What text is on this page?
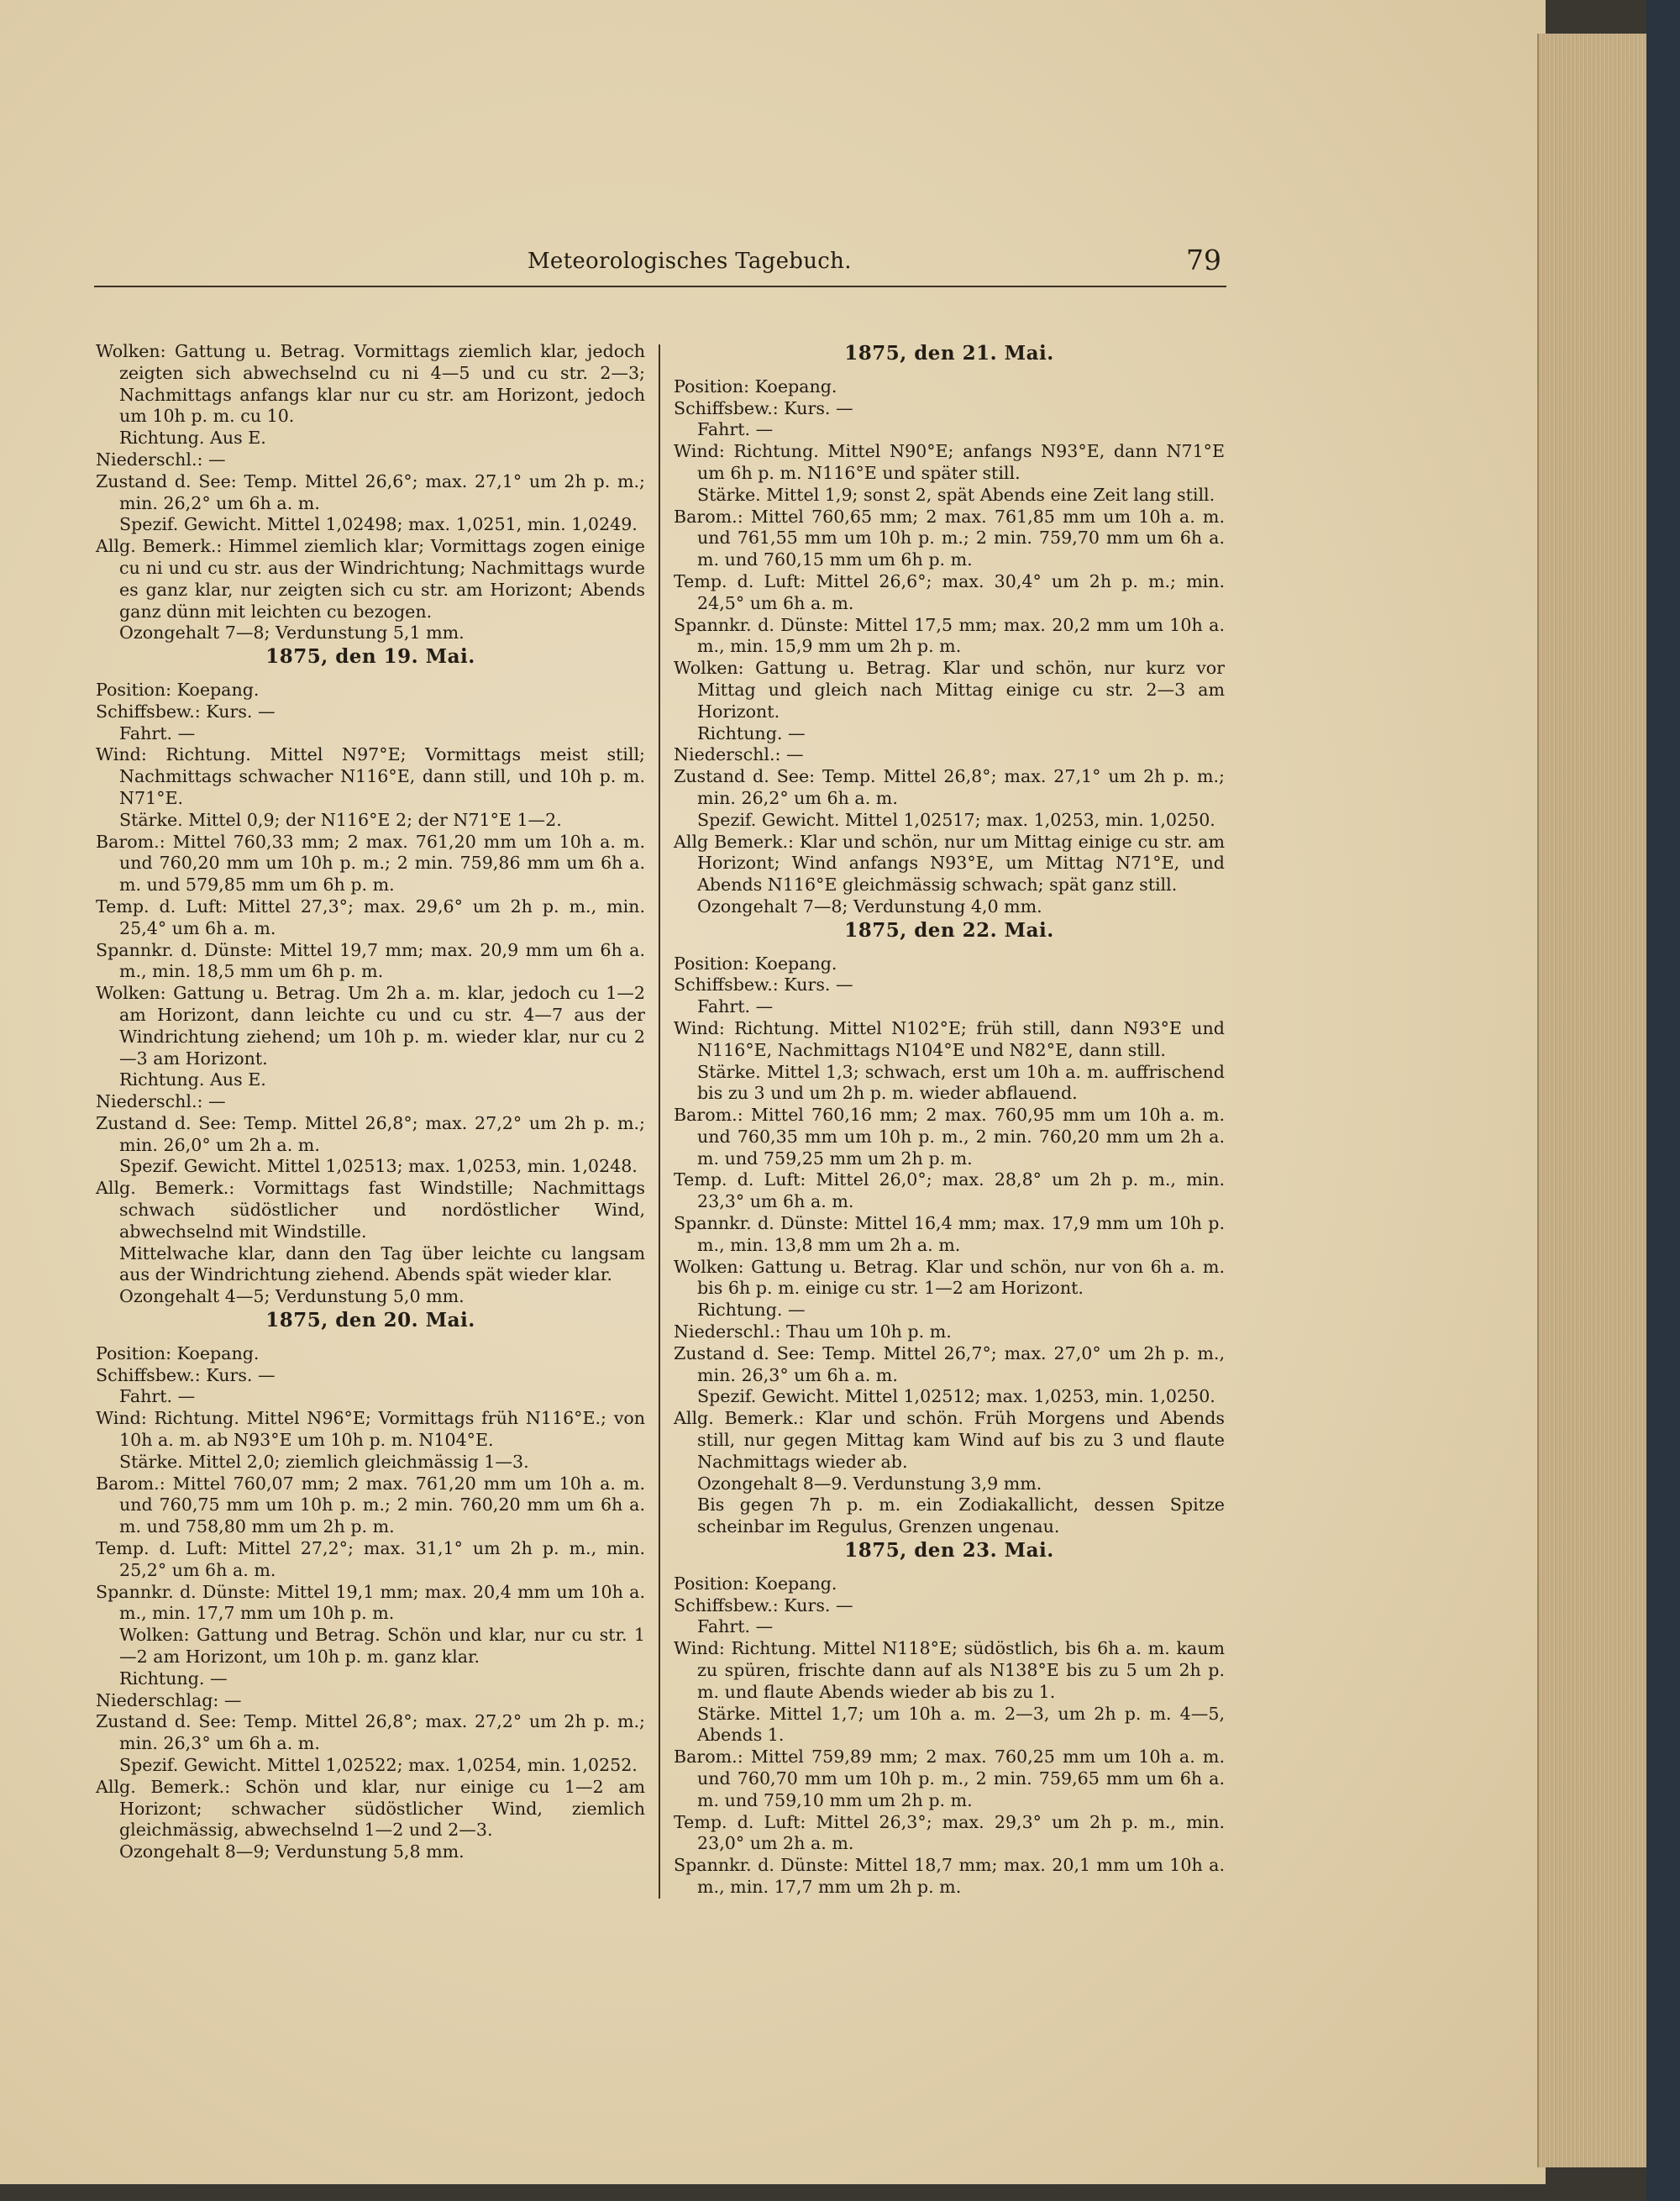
Meteorologisches Tagebuch.	79
Wolken: Gattung u. Betrag. Vormittags ziemlich klar, jedoch zeigten sich abwechselnd cu ni 4—5 und cu str. 2—3; Nachmittags anfangs klar nur cu str. am Horizont, jedoch um 10h p. m. cu 10.
Richtung. Aus E.
Niederschl.: —
Zustand d. See: Temp. Mittel 26,6°; max. 27,1° um 2h p. m.; min. 26,2° um 6h a. m.
Spezif. Gewicht. Mittel 1,02498; max. 1,0251, min. 1,0249.
Allg. Bemerk.: Himmel ziemlich klar; Vormittags zogen einige cu ni und cu str. aus der Windrichtung; Nachmittags wurde es ganz klar, nur zeigten sich cu str. am Horizont; Abends ganz dünn mit leichten cu bezogen.
Ozongehalt 7—8; Verdunstung 5,1 mm.
1875, den 19. Mai.
Position: Koepang.
Schiffsbew.: Kurs. —
Fahrt. —
Wind: Richtung. Mittel N97°E; Vormittags meist still; Nachmittags schwacher N116°E, dann still, und 10h p. m. N71°E.
Stärke. Mittel 0,9; der N116°E 2; der N71°E 1—2.
Barom.: Mittel 760,33 mm; 2 max. 761,20 mm um 10h a. m. und 760,20 mm um 10h p. m.; 2 min. 759,86 mm um 6h a. m. und 579,85 mm um 6h p. m.
Temp. d. Luft: Mittel 27,3°; max. 29,6° um 2h p. m., min. 25,4° um 6h a. m.
Spannkr. d. Dünste: Mittel 19,7 mm; max. 20,9 mm um 6h a. m., min. 18,5 mm um 6h p. m.
Wolken: Gattung u. Betrag. Um 2h a. m. klar, jedoch cu 1—2 am Horizont, dann leichte cu und cu str. 4—7 aus der Windrichtung ziehend; um 10h p. m. wieder klar, nur cu 2—3 am Horizont.
Richtung. Aus E.
Niederschl.: —
Zustand d. See: Temp. Mittel 26,8°; max. 27,2° um 2h p. m.; min. 26,0° um 2h a. m.
Spezif. Gewicht. Mittel 1,02513; max. 1,0253, min. 1,0248.
Allg. Bemerk.: Vormittags fast Windstille; Nachmittags schwach südöstlicher und nordöstlicher Wind, abwechselnd mit Windstille.
Mittelwache klar, dann den Tag über leichte cu langsam aus der Windrichtung ziehend. Abends spät wieder klar.
Ozongehalt 4—5; Verdunstung 5,0 mm.
1875, den 20. Mai.
Position: Koepang.
Schiffsbew.: Kurs. —
Fahrt. —
Wind: Richtung. Mittel N96°E; Vormittags früh N116°E.; von 10h a. m. ab N93°E um 10h p. m. N104°E.
Stärke. Mittel 2,0; ziemlich gleichmässig 1—3.
Barom.: Mittel 760,07 mm; 2 max. 761,20 mm um 10h a. m. und 760,75 mm um 10h p. m.; 2 min. 760,20 mm um 6h a. m. und 758,80 mm um 2h p. m.
Temp. d. Luft: Mittel 27,2°; max. 31,1° um 2h p. m., min. 25,2° um 6h a. m.
Spannkr. d. Dünste: Mittel 19,1 mm; max. 20,4 mm um 10h a. m., min. 17,7 mm um 10h p. m.
Wolken: Gattung und Betrag. Schön und klar, nur cu str. 1—2 am Horizont, um 10h p. m. ganz klar.
Richtung. —
Niederschlag: —
Zustand d. See: Temp. Mittel 26,8°; max. 27,2° um 2h p. m.; min. 26,3° um 6h a. m.
Spezif. Gewicht. Mittel 1,02522; max. 1,0254, min. 1,0252.
Allg. Bemerk.: Schön und klar, nur einige cu 1—2 am Horizont; schwacher südöstlicher Wind, ziemlich gleichmässig, abwechselnd 1—2 und 2—3.
Ozongehalt 8—9; Verdunstung 5,8 mm.
1875, den 21. Mai.
Position: Koepang.
Schiffsbew.: Kurs. —
Fahrt. —
Wind: Richtung. Mittel N90°E; anfangs N93°E, dann N71°E um 6h p. m. N116°E und später still.
Stärke. Mittel 1,9; sonst 2, spät Abends eine Zeit lang still.
Barom.: Mittel 760,65 mm; 2 max. 761,85 mm um 10h a. m. und 761,55 mm um 10h p. m.; 2 min. 759,70 mm um 6h a. m. und 760,15 mm um 6h p. m.
Temp. d. Luft: Mittel 26,6°; max. 30,4° um 2h p. m.; min. 24,5° um 6h a. m.
Spannkr. d. Dünste: Mittel 17,5 mm; max. 20,2 mm um 10h a. m., min. 15,9 mm um 2h p. m.
Wolken: Gattung u. Betrag. Klar und schön, nur kurz vor Mittag und gleich nach Mittag einige cu str. 2—3 am Horizont.
Richtung. —
Niederschl.: —
Zustand d. See: Temp. Mittel 26,8°; max. 27,1° um 2h p. m.; min. 26,2° um 6h a. m.
Spezif. Gewicht. Mittel 1,02517; max. 1,0253, min. 1,0250.
Allg Bemerk.: Klar und schön, nur um Mittag einige cu str. am Horizont; Wind anfangs N93°E, um Mittag N71°E, und Abends N116°E gleichmässig schwach; spät ganz still.
Ozongehalt 7—8; Verdunstung 4,0 mm.
1875, den 22. Mai.
Position: Koepang.
Schiffsbew.: Kurs. —
Fahrt. —
Wind: Richtung. Mittel N102°E; früh still, dann N93°E und N116°E, Nachmittags N104°E und N82°E, dann still.
Stärke. Mittel 1,3; schwach, erst um 10h a. m. auffrischend bis zu 3 und um 2h p. m. wieder abflauend.
Barom.: Mittel 760,16 mm; 2 max. 760,95 mm um 10h a. m. und 760,35 mm um 10h p. m., 2 min. 760,20 mm um 2h a. m. und 759,25 mm um 2h p. m.
Temp. d. Luft: Mittel 26,0°; max. 28,8° um 2h p. m., min. 23,3° um 6h a. m.
Spannkr. d. Dünste: Mittel 16,4 mm; max. 17,9 mm um 10h p. m., min. 13,8 mm um 2h a. m.
Wolken: Gattung u. Betrag. Klar und schön, nur von 6h a. m. bis 6h p. m. einige cu str. 1—2 am Horizont.
Richtung. —
Niederschl.: Thau um 10h p. m.
Zustand d. See: Temp. Mittel 26,7°; max. 27,0° um 2h p. m., min. 26,3° um 6h a. m.
Spezif. Gewicht. Mittel 1,02512; max. 1,0253, min. 1,0250.
Allg. Bemerk.: Klar und schön. Früh Morgens und Abends still, nur gegen Mittag kam Wind auf bis zu 3 und flaute Nachmittags wieder ab.
Ozongehalt 8—9. Verdunstung 3,9 mm.
Bis gegen 7h p. m. ein Zodiakallicht, dessen Spitze scheinbar im Regulus, Grenzen ungenau.
1875, den 23. Mai.
Position: Koepang.
Schiffsbew.: Kurs. —
Fahrt. —
Wind: Richtung. Mittel N118°E; südöstlich, bis 6h a. m. kaum zu spüren, frischte dann auf als N138°E bis zu 5 um 2h p. m. und flaute Abends wieder ab bis zu 1.
Stärke. Mittel 1,7; um 10h a. m. 2—3, um 2h p. m. 4—5, Abends 1.
Barom.: Mittel 759,89 mm; 2 max. 760,25 mm um 10h a. m. und 760,70 mm um 10h p. m., 2 min. 759,65 mm um 6h a. m. und 759,10 mm um 2h p. m.
Temp. d. Luft: Mittel 26,3°; max. 29,3° um 2h p. m., min. 23,0° um 2h a. m.
Spannkr. d. Dünste: Mittel 18,7 mm; max. 20,1 mm um 10h a. m., min. 17,7 mm um 2h p. m.
